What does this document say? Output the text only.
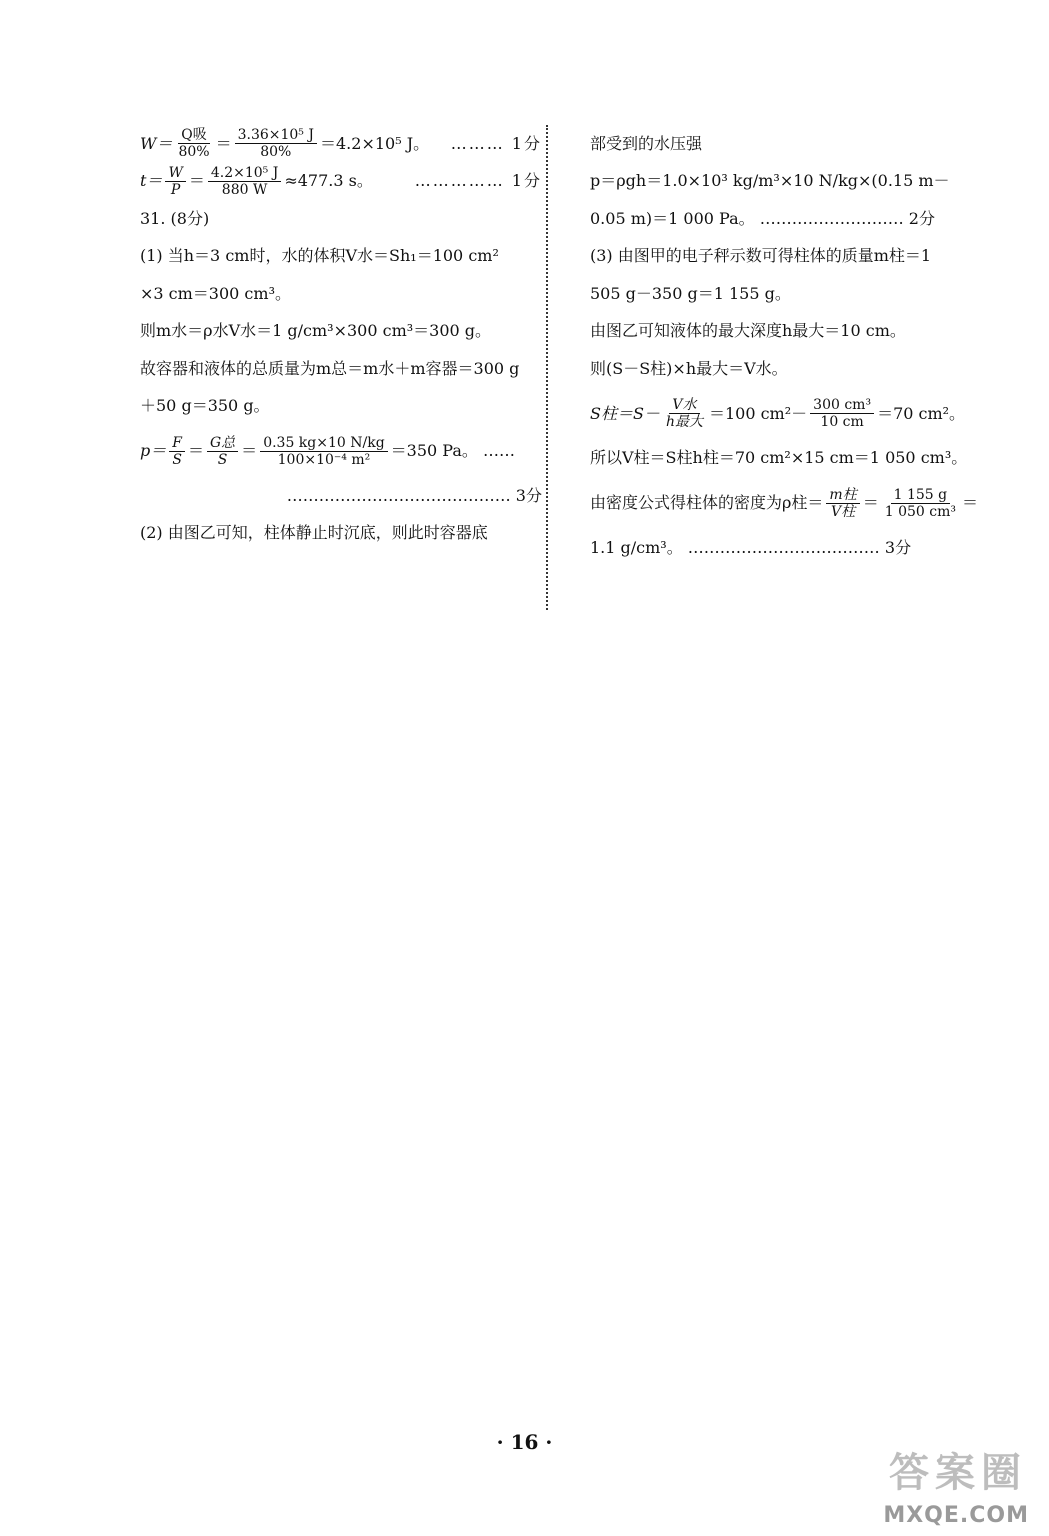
$W= \frac{\text{Q吸}}{80\%} = \frac{\text{3.36×10⁵ J}}{80\%} =4.2\times 10^5$ J。 ……… 1分
$t= \frac{W}{P} = \frac{\text{4.2×10⁵ J}}{880 W} \approx 477.3$ s。	…………… 1分
31. (8分)
(1) 当h＝3 cm时，水的体积V水＝Sh₁＝100 cm²
×3 cm＝300 cm³。
则m水＝ρ水V水＝1 g/cm³×300 cm³＝300 g。
故容器和液体的总质量为m总＝m水＋m容器＝300 g
＋50 g＝350 g。
$p= \frac{F}{S} = \frac{\text{G总}}{S} = \frac{0.35 kg\times 10 N/kg}{\text{100×10⁻⁴ m²}} =350$ Pa。 ……
…………………………………… 3分
(2) 由图乙可知，柱体静止时沉底，则此时容器底
部受到的水压强
p＝ρgh＝1.0×10³ kg/m³×10 N/kg×(0.15 m－
0.05 m)＝1 000 Pa。 ……………………… 2分
(3) 由图甲的电子秤示数可得柱体的质量m柱＝1
505 g－350 g＝1 155 g。
由图乙可知液体的最大深度h最大＝10 cm。
则(S－S柱)×h最大＝V水。
S柱$=S- \frac{\text{V水}}{\text{h最大}} =100$ $cm^2- \frac{\text{300 cm³}}{10 cm} =70$ cm²。
所以V柱＝S柱h柱＝70 cm²×15 cm＝1 050 cm³。
由密度公式得柱体的密度为ρ柱＝ $\frac{\text{m柱}}{\text{V柱}} = \frac{1 155 g}{\text{1 050 cm³}}$ ＝
1.1 g/cm³。 ……………………………… 3分
· 16 ·
答案圈
MXQE.COM
